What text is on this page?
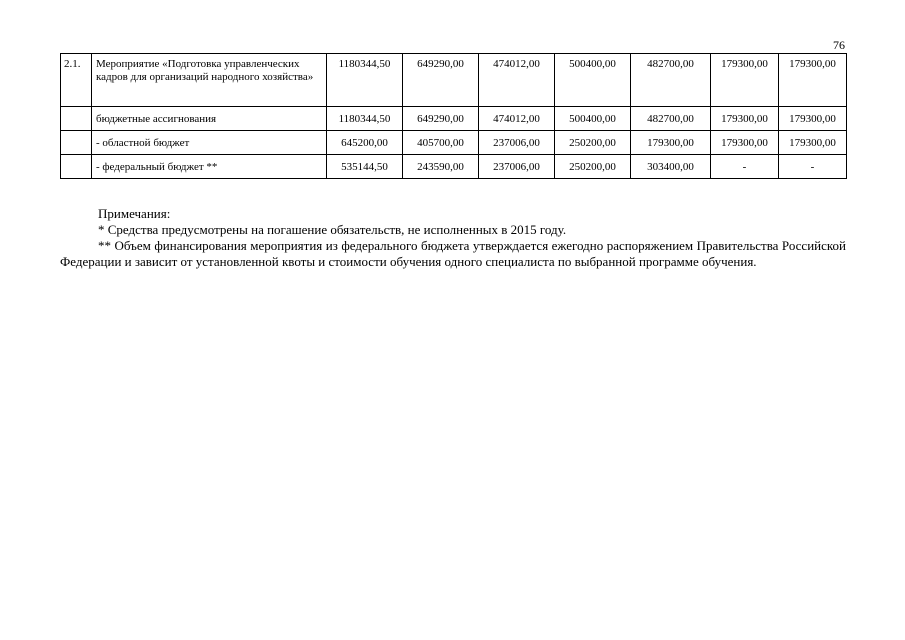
76
2.1.	Мероприятие «Подготовка управленческих кадров для организаций народного хозяйства»	1180344,50	649290,00	474012,00	500400,00	482700,00	179300,00	179300,00
	бюджетные ассигнования	1180344,50	649290,00	474012,00	500400,00	482700,00	179300,00	179300,00
	- областной бюджет	645200,00	405700,00	237006,00	250200,00	179300,00	179300,00	179300,00
	- федеральный бюджет **	535144,50	243590,00	237006,00	250200,00	303400,00	-	-

Примечания:

* Средства предусмотрены на погашение обязательств, не исполненных в 2015 году.

** Объем финансирования мероприятия из федерального бюджета утверждается ежегодно распоряжением Правительства Российской Федерации и зависит от установленной квоты и стоимости обучения одного специалиста по выбранной программе обучения.
